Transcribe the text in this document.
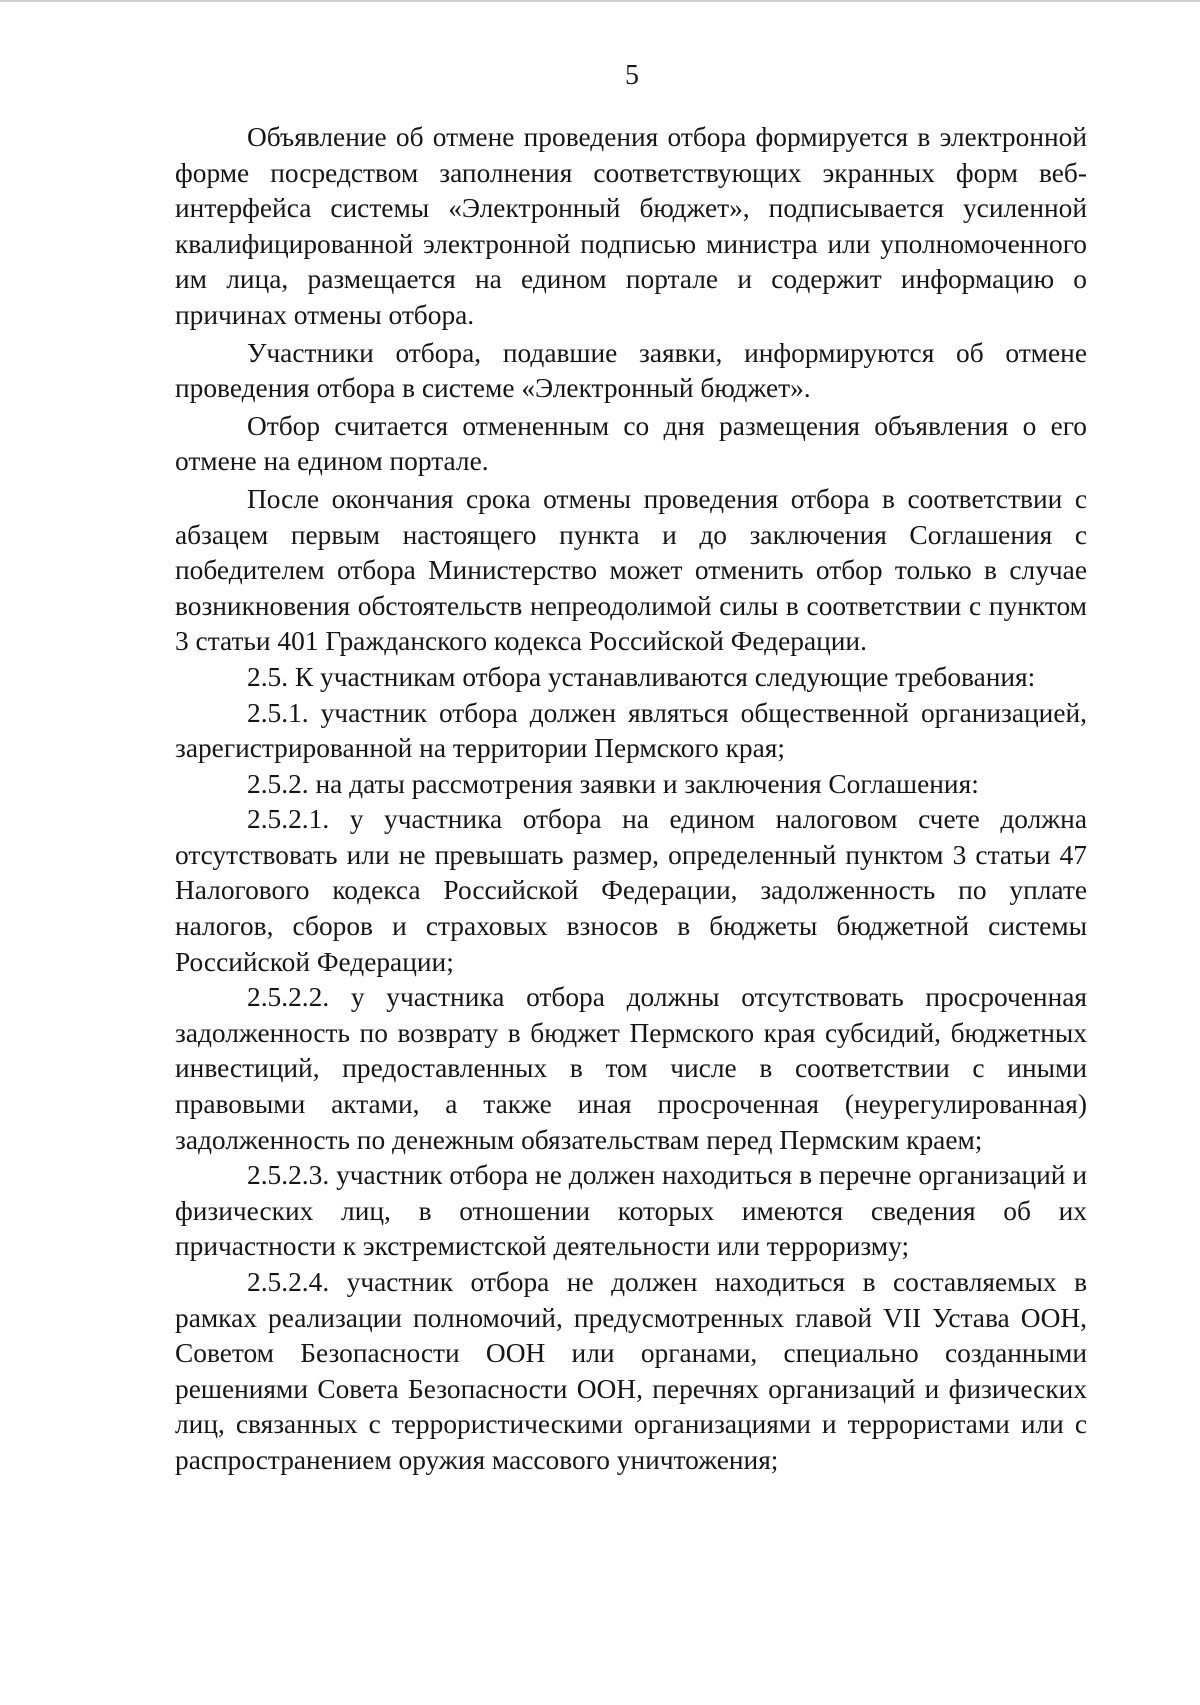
5

Объявление об отмене проведения отбора формируется в электронной форме посредством заполнения соответствующих экранных форм веб-интерфейса системы «Электронный бюджет», подписывается усиленной квалифицированной электронной подписью министра или уполномоченного им лица, размещается на едином портале и содержит информацию о причинах отмены отбора.

Участники отбора, подавшие заявки, информируются об отмене проведения отбора в системе «Электронный бюджет».

Отбор считается отмененным со дня размещения объявления о его отмене на едином портале.

После окончания срока отмены проведения отбора в соответствии с абзацем первым настоящего пункта и до заключения Соглашения с победителем отбора Министерство может отменить отбор только в случае возникновения обстоятельств непреодолимой силы в соответствии с пунктом 3 статьи 401 Гражданского кодекса Российской Федерации.

2.5. К участникам отбора устанавливаются следующие требования:

2.5.1. участник отбора должен являться общественной организацией, зарегистрированной на территории Пермского края;

2.5.2. на даты рассмотрения заявки и заключения Соглашения:

2.5.2.1. у участника отбора на едином налоговом счете должна отсутствовать или не превышать размер, определенный пунктом 3 статьи 47 Налогового кодекса Российской Федерации, задолженность по уплате налогов, сборов и страховых взносов в бюджеты бюджетной системы Российской Федерации;

2.5.2.2. у участника отбора должны отсутствовать просроченная задолженность по возврату в бюджет Пермского края субсидий, бюджетных инвестиций, предоставленных в том числе в соответствии с иными правовыми актами, а также иная просроченная (неурегулированная) задолженность по денежным обязательствам перед Пермским краем;

2.5.2.3. участник отбора не должен находиться в перечне организаций и физических лиц, в отношении которых имеются сведения об их причастности к экстремистской деятельности или терроризму;

2.5.2.4. участник отбора не должен находиться в составляемых в рамках реализации полномочий, предусмотренных главой VII Устава ООН, Советом Безопасности ООН или органами, специально созданными решениями Совета Безопасности ООН, перечнях организаций и физических лиц, связанных с террористическими организациями и террористами или с распространением оружия массового уничтожения;
